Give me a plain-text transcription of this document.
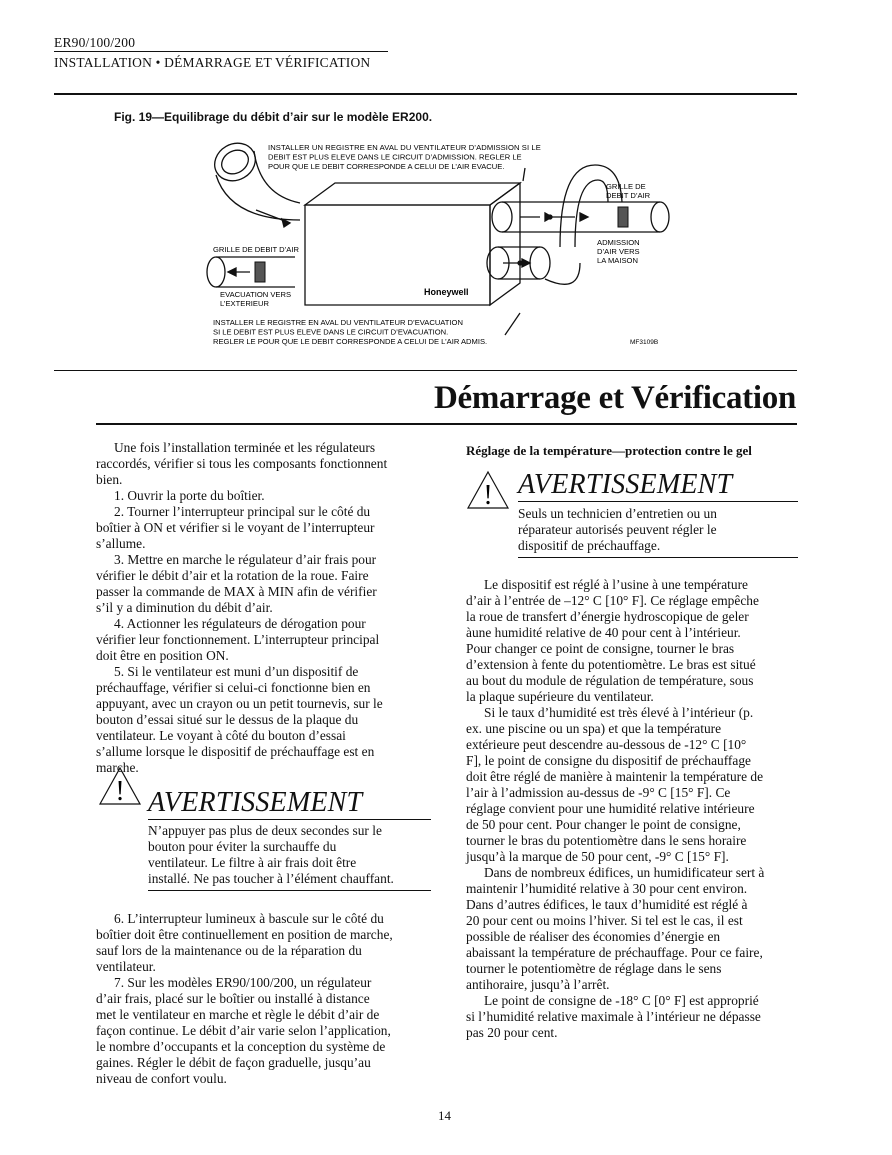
ER90/100/200
INSTALLATION • DÉMARRAGE ET VÉRIFICATION
Fig. 19—Equilibrage du débit d’air sur le modèle ER200.
INSTALLER UN REGISTRE EN AVAL DU VENTILATEUR D’ADMISSION SI LE
DEBIT EST PLUS ELEVE DANS LE CIRCUIT D’ADMISSION. REGLER LE
POUR QUE LE DEBIT CORRESPONDE A CELUI DE L’AIR EVACUE.
GRILLE DE
DEBIT D’AIR
ADMISSION
D’AIR VERS
LA MAISON
GRILLE DE DEBIT D’AIR
EVACUATION VERS
L’EXTERIEUR
Honeywell
INSTALLER LE REGISTRE EN AVAL DU VENTILATEUR D’EVACUATION
SI LE DEBIT EST PLUS ELEVE DANS LE CIRCUIT D’EVACUATION.
REGLER LE POUR QUE LE DEBIT CORRESPONDE A CELUI DE L’AIR ADMIS.	MF3109B
Démarrage et Vérification

Une fois l’installation terminée et les régulateurs

raccordés, vérifier si tous les composants fonctionnent

bien.

1. Ouvrir la porte du boîtier.

2. Tourner l’interrupteur principal sur le côté du

boîtier à ON et vérifier si le voyant de l’interrupteur

s’allume.

3. Mettre en marche le régulateur d’air frais pour

vérifier le débit d’air et la rotation de la roue. Faire

passer la commande de MAX à MIN afin de vérifier

s’il y a diminution du débit d’air.

4. Actionner les régulateurs de dérogation pour

vérifier leur fonctionnement. L’interrupteur principal

doit être en position ON.

5. Si le ventilateur est muni d’un dispositif de

préchauffage, vérifier si celui-ci fonctionne bien en

appuyant, avec un crayon ou un petit tournevis, sur le

bouton d’essai situé sur le dessus de la plaque du

ventilateur. Le voyant à côté du bouton d’essai

s’allume lorsque le dispositif de préchauffage est en

marche.

! AVERTISSEMENT

N’appuyer pas plus de deux secondes sur le

bouton pour éviter la surchauffe du

ventilateur. Le filtre à air frais doit être

installé. Ne pas toucher à l’élément chauffant.

6. L’interrupteur lumineux à bascule sur le côté du

boîtier doit être continuellement en position de marche,

sauf lors de la maintenance ou de la réparation du

ventilateur.

7. Sur les modèles ER90/100/200, un régulateur

d’air frais, placé sur le boîtier ou installé à distance

met le ventilateur en marche et règle le débit d’air de

façon continue. Le débit d’air varie selon l’application,

le nombre d’occupants et la conception du système de

gaines. Régler le débit de façon graduelle, jusqu’au

niveau de confort voulu.

Réglage de la température—protection contre le gel
! AVERTISSEMENT

Seuls un technicien d’entretien ou un

réparateur autorisés peuvent régler le

dispositif de préchauffage.

Le dispositif est réglé à l’usine à une température

d’air à l’entrée de –12° C [10° F]. Ce réglage empêche

la roue de transfert d’énergie hydroscopique de geler

àune humidité relative de 40 pour cent à l’intérieur.

Pour changer ce point de consigne, tourner le bras

d’extension à fente du potentiomètre. Le bras est situé

au bout du module de régulation de température, sous

la plaque supérieure du ventilateur.

Si le taux d’humidité est très élevé à l’intérieur (p.

ex. une piscine ou un spa) et que la température

extérieure peut descendre au-dessous de -12° C [10°

F], le point de consigne du dispositif de préchauffage

doit être réglé de manière à maintenir la température de

l’air à l’admission au-dessus de -9° C [15° F]. Ce

réglage convient pour une humidité relative intérieure

de 50 pour cent. Pour changer le point de consigne,

tourner le bras du potentiomètre dans le sens horaire

jusqu’à la marque de 50 pour cent, -9° C [15° F].

Dans de nombreux édifices, un humidificateur sert à

maintenir l’humidité relative à 30 pour cent environ.

Dans d’autres édifices, le taux d’humidité est réglé à

20 pour cent ou moins l’hiver. Si tel est le cas, il est

possible de réaliser des économies d’énergie en

abaissant la température de préchauffage. Pour ce faire,

tourner le potentiomètre de réglage dans le sens

antihoraire, jusqu’à l’arrêt.

Le point de consigne de -18° C [0° F] est approprié

si l’humidité relative maximale à l’intérieur ne dépasse

pas 20 pour cent.

14
